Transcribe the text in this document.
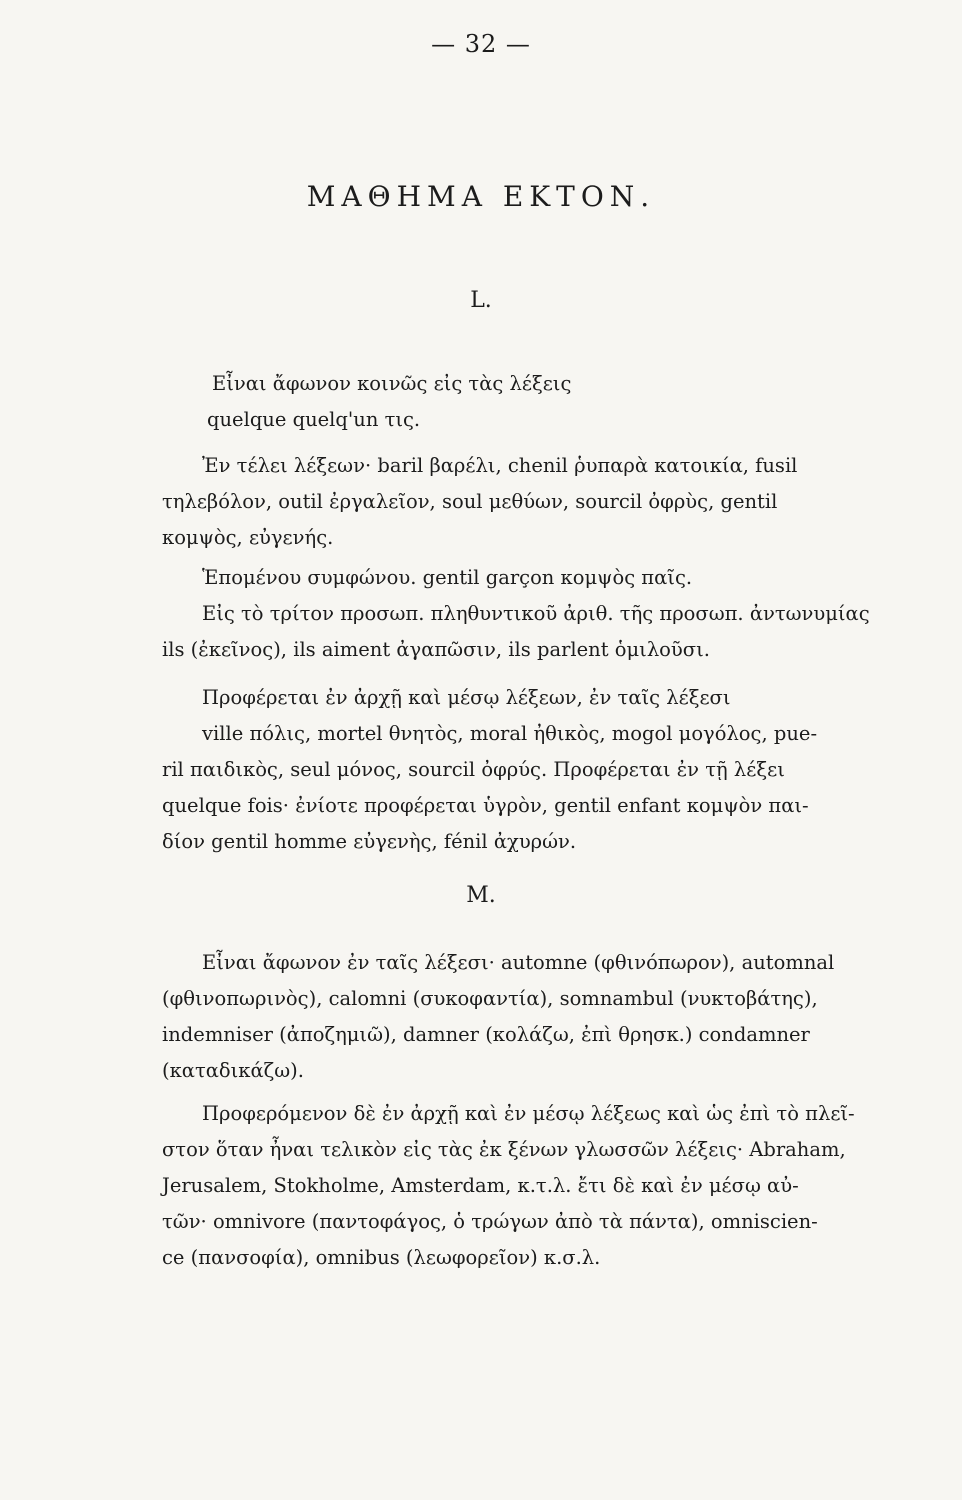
— 32 —
ΜΑΘΗΜΑ ΕΚΤΟΝ.
L.
Εἶναι ἄφωνον κοινῶς εἰς τὰς λέξεις
quelque quelq'un τις.
Ἐν τέλει λέξεων· baril βαρέλι, chenil ῥυπαρὰ κατοικία, fusil
τηλεβόλον, outil ἐργαλεῖον, soul μεθύων, sourcil ὀφρὺς, gentil
κομψὸς, εὐγενής.
Ἑπομένου συμφώνου. gentil garçon κομψὸς παῖς.
Εἰς τὸ τρίτον προσωπ. πληθυντικοῦ ἀριθ. τῆς προσωπ. ἀντωνυμίας
ils (ἐκεῖνος), ils aiment ἀγαπῶσιν, ils parlent ὁμιλοῦσι.
Προφέρεται ἐν ἀρχῇ καὶ μέσῳ λέξεων, ἐν ταῖς λέξεσι
ville πόλις, mortel θνητὸς, moral ἠθικὸς, mogol μογόλος, pue-
ril παιδικὸς, seul μόνος, sourcil ὀφρύς. Προφέρεται ἐν τῇ λέξει
quelque fois· ἐνίοτε προφέρεται ὑγρὸν, gentil enfant κομψὸν παι-
δίον gentil homme εὐγενὴς, fénil ἀχυρών.
M.
Εἶναι ἄφωνον ἐν ταῖς λέξεσι· automne (φθινόπωρον), automnal
(φθινοπωρινὸς), calomni (συκοφαντία), somnambul (νυκτοβάτης),
indemniser (ἀποζημιῶ), damner (κολάζω, ἐπὶ θρησκ.) condamner
(καταδικάζω).
Προφερόμενον δὲ ἐν ἀρχῇ καὶ ἐν μέσῳ λέξεως καὶ ὡς ἐπὶ τὸ πλεῖ-
στον ὅταν ἦναι τελικὸν εἰς τὰς ἐκ ξένων γλωσσῶν λέξεις· Abraham,
Jerusalem, Stokholme, Amsterdam, κ.τ.λ. ἔτι δὲ καὶ ἐν μέσῳ αὐ-
τῶν· omnivore (παντοφάγος, ὁ τρώγων ἀπὸ τὰ πάντα), omniscien-
ce (πανσοφία), omnibus (λεωφορεῖον) κ.σ.λ.
